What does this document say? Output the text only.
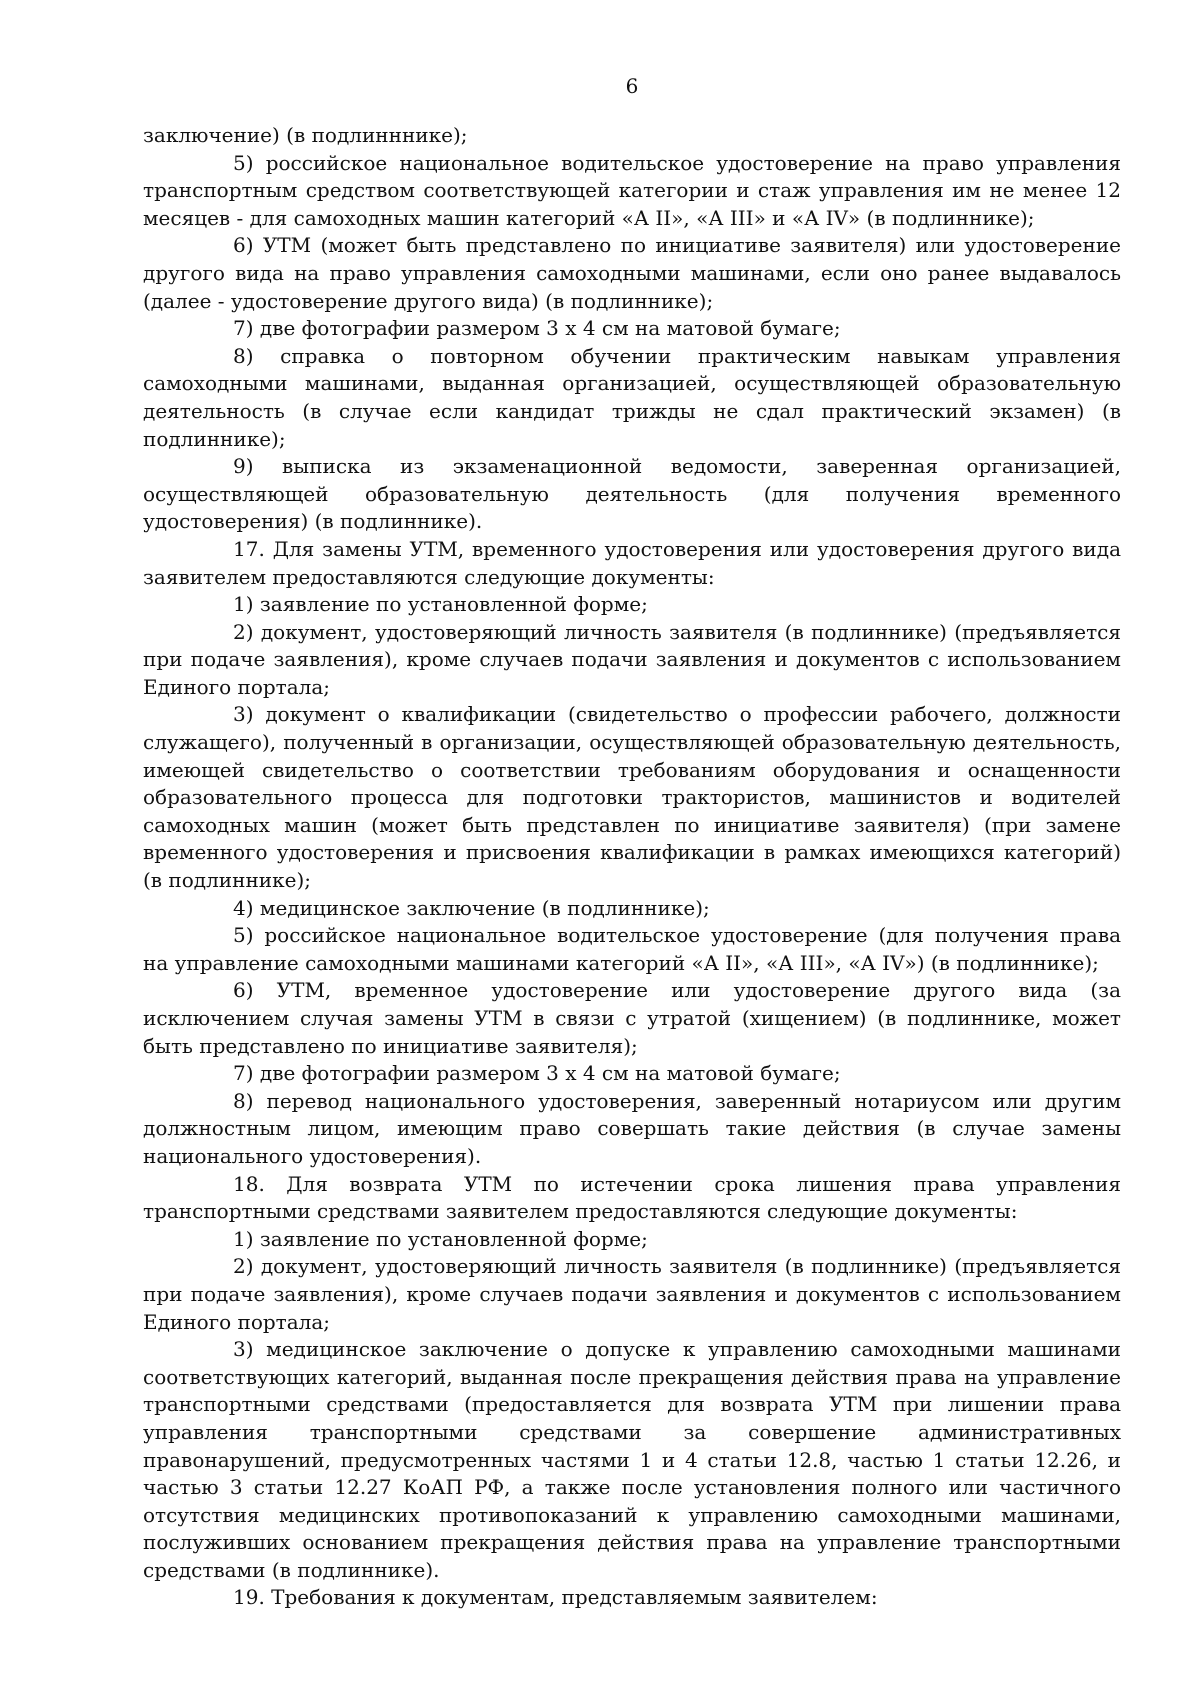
6

заключение) (в подлинннике);

5) российское национальное водительское удостоверение на право управления транспортным средством соответствующей категории и стаж управления им не менее 12 месяцев - для самоходных машин категорий «А II», «А III» и «А IV» (в подлиннике);

6) УТМ (может быть представлено по инициативе заявителя) или удостоверение другого вида на право управления самоходными машинами, если оно ранее выдавалось (далее - удостоверение другого вида) (в подлиннике);

7) две фотографии размером 3 х 4 см на матовой бумаге;

8) справка о повторном обучении практическим навыкам управления самоходными машинами, выданная организацией, осуществляющей образовательную деятельность (в случае если кандидат трижды не сдал практический экзамен) (в подлиннике);

9) выписка из экзаменационной ведомости, заверенная организацией, осуществляющей образовательную деятельность (для получения временного удостоверения) (в подлиннике).

17. Для замены УТМ, временного удостоверения или удостоверения другого вида заявителем предоставляются следующие документы:

1) заявление по установленной форме;

2) документ, удостоверяющий личность заявителя (в подлиннике) (предъявляется при подаче заявления), кроме случаев подачи заявления и документов с использованием Единого портала;

3) документ о квалификации (свидетельство о профессии рабочего, должности служащего), полученный в организации, осуществляющей образовательную деятельность, имеющей свидетельство о соответствии требованиям оборудования и оснащенности образовательного процесса для подготовки трактористов, машинистов и водителей самоходных машин (может быть представлен по инициативе заявителя) (при замене временного удостоверения и присвоения квалификации в рамках имеющихся категорий) (в подлиннике);

4) медицинское заключение (в подлиннике);

5) российское национальное водительское удостоверение (для получения права на управление самоходными машинами категорий «А II», «А III», «А IV») (в подлиннике);

6) УТМ, временное удостоверение или удостоверение другого вида (за исключением случая замены УТМ в связи с утратой (хищением) (в подлиннике, может быть представлено по инициативе заявителя);

7) две фотографии размером 3 х 4 см на матовой бумаге;

8) перевод национального удостоверения, заверенный нотариусом или другим должностным лицом, имеющим право совершать такие действия (в случае замены национального удостоверения).

18. Для возврата УТМ по истечении срока лишения права управления транспортными средствами заявителем предоставляются следующие документы:

1) заявление по установленной форме;

2) документ, удостоверяющий личность заявителя (в подлиннике) (предъявляется при подаче заявления), кроме случаев подачи заявления и документов с использованием Единого портала;

3) медицинское заключение о допуске к управлению самоходными машинами соответствующих категорий, выданная после прекращения действия права на управление транспортными средствами (предоставляется для возврата УТМ при лишении права управления транспортными средствами за совершение административных правонарушений, предусмотренных частями 1 и 4 статьи 12.8, частью 1 статьи 12.26, и частью 3 статьи 12.27 КоАП РФ, а также после установления полного или частичного отсутствия медицинских противопоказаний к управлению самоходными машинами, послуживших основанием прекращения действия права на управление транспортными средствами (в подлиннике).

19. Требования к документам, представляемым заявителем:
